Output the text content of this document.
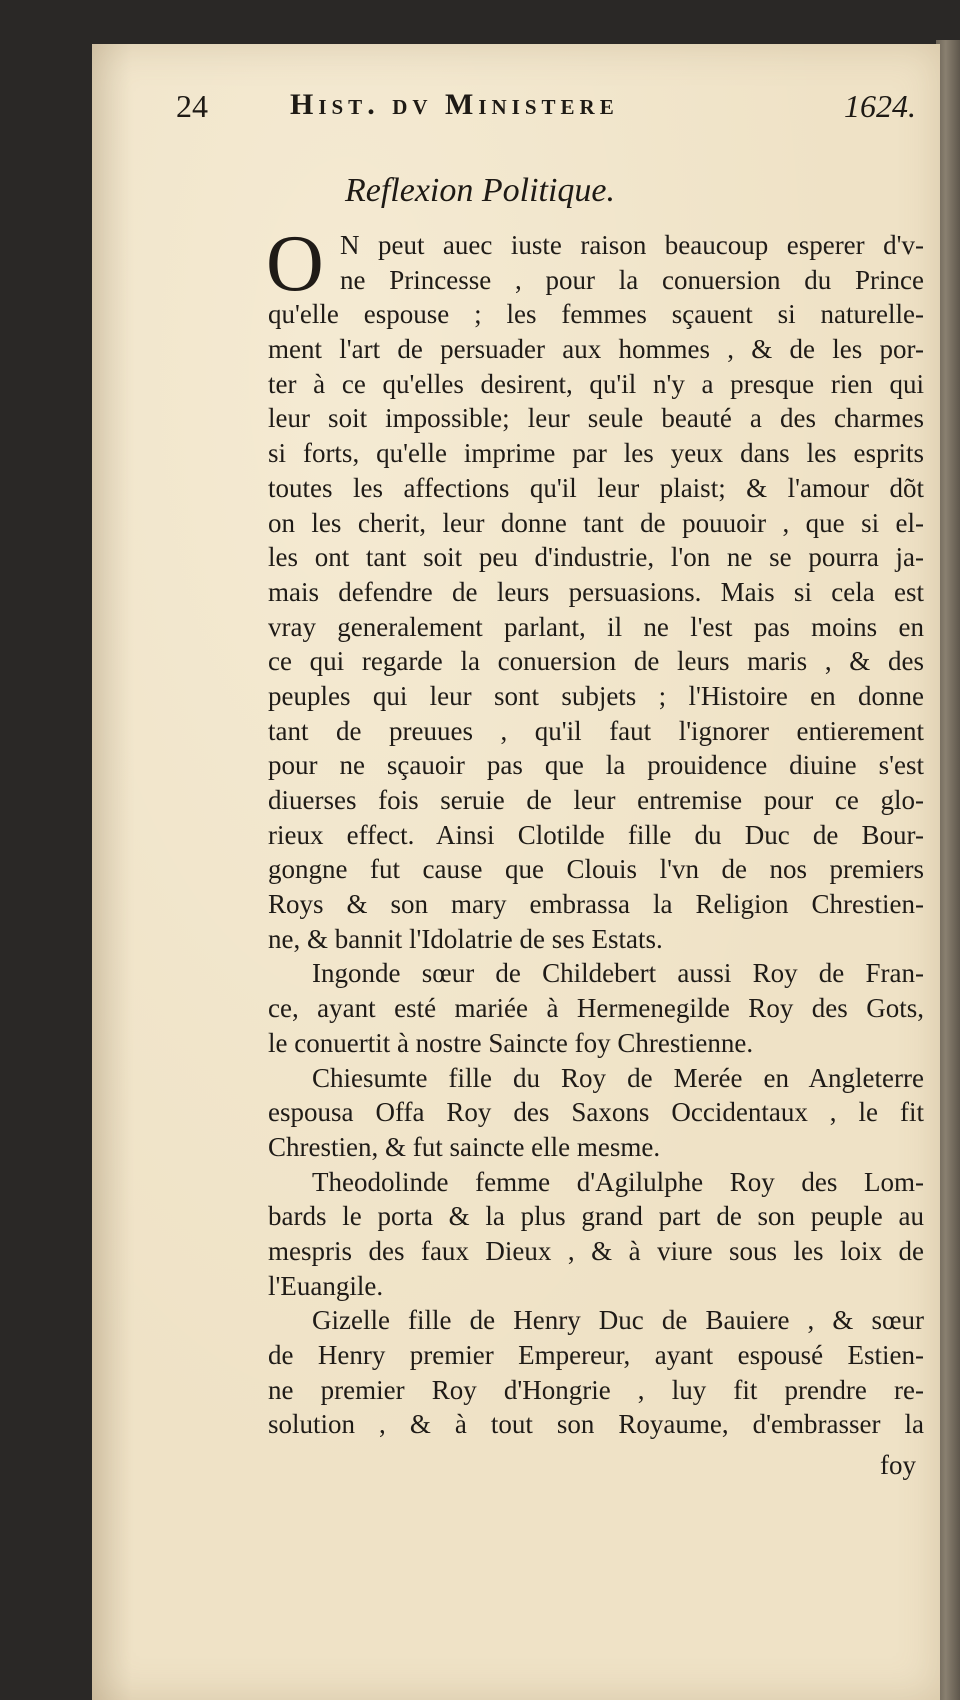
24	Hist. dv Ministere	1624.
Reflexion Politique.
O N peut auec iuste raison beaucoup esperer d'v-
ne Princesse , pour la conuersion du Prince
qu'elle espouse ; les femmes sçauent si naturelle-
ment l'art de persuader aux hommes , & de les por-
ter à ce qu'elles desirent, qu'il n'y a presque rien qui
leur soit impossible; leur seule beauté a des charmes
si forts, qu'elle imprime par les yeux dans les esprits
toutes les affections qu'il leur plaist; & l'amour dõt
on les cherit, leur donne tant de pouuoir , que si el-
les ont tant soit peu d'industrie, l'on ne se pourra ja-
mais defendre de leurs persuasions. Mais si cela est
vray generalement parlant, il ne l'est pas moins en
ce qui regarde la conuersion de leurs maris , & des
peuples qui leur sont subjets ; l'Histoire en donne
tant de preuues , qu'il faut l'ignorer entierement
pour ne sçauoir pas que la prouidence diuine s'est
diuerses fois seruie de leur entremise pour ce glo-
rieux effect. Ainsi Clotilde fille du Duc de Bour-
gongne fut cause que Clouis l'vn de nos premiers
Roys & son mary embrassa la Religion Chrestien-
ne, & bannit l'Idolatrie de ses Estats.
Ingonde sœur de Childebert aussi Roy de Fran-
ce, ayant esté mariée à Hermenegilde Roy des Gots,
le conuertit à nostre Saincte foy Chrestienne.
Chiesumte fille du Roy de Merée en Angleterre
espousa Offa Roy des Saxons Occidentaux , le fit
Chrestien, & fut saincte elle mesme.
Theodolinde femme d'Agilulphe Roy des Lom-
bards le porta & la plus grand part de son peuple au
mespris des faux Dieux , & à viure sous les loix de
l'Euangile.
Gizelle fille de Henry Duc de Bauiere , & sœur
de Henry premier Empereur, ayant espousé Estien-
ne premier Roy d'Hongrie , luy fit prendre re-
solution , & à tout son Royaume, d'embrasser la
foy
